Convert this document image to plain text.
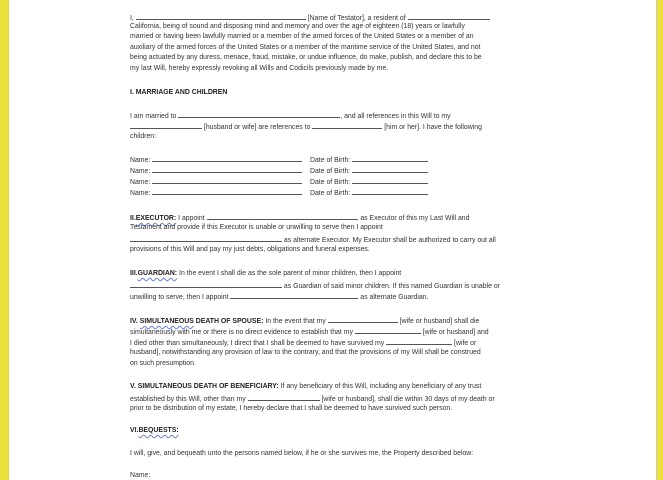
I,	[Name of Testator], a resident of
California, being of sound and disposing mind and memory and over the age of eighteen (18) years or lawfully
married or having been lawfully married or a member of the armed forces of the United States or a member of an
auxiliary of the armed forces of the United States or a member of the maritime service of the United States, and not
being actuated by any duress, menace, fraud, mistake, or undue influence, do make, publish, and declare this to be
my last Will, hereby expressly revoking all Wills and Codicils previously made by me.
I. MARRIAGE AND CHILDREN
I am married to	, and all references in this Will to my
[husband or wife] are references to	[him or her]. I have the following
children:
Name:	Date of Birth:
Name:	Date of Birth:
Name:	Date of Birth:
Name:	Date of Birth:
II.EXECUTOR: I appoint	, as Executor of this my Last Will and
Testament and provide if this Executor is unable or unwilling to serve then I appoint
as alternate Executor. My Executor shall be authorized to carry out all
provisions of this Will and pay my just debts, obligations and funeral expenses.
III.GUARDIAN: In the event I shall die as the sole parent of minor children, then I appoint
as Guardian of said minor children. If this named Guardian is unable or
unwilling to serve, then I appoint	as alternate Guardian.
IV. SIMULTANEOUS DEATH OF SPOUSE: In the event that my	[wife or husband] shall die
simultaneously with me or there is no direct evidence to establish that my	[wife or husband] and
I died other than simultaneously, I direct that I shall be deemed to have survived my	[wife or
husband], notwithstanding any provision of law to the contrary, and that the provisions of my Will shall be construed
on such presumption.
V. SIMULTANEOUS DEATH OF BENEFICIARY: If any beneficiary of this Will, including any beneficiary of any trust
established by this Will, other than my	[wife or husband], shall die within 30 days of my death or
prior to be distribution of my estate, I hereby declare that I shall be deemed to have survived such person.
VI.BEQUESTS:
I will, give, and bequeath unto the persons named below, if he or she survives me, the Property described below:
Name:
